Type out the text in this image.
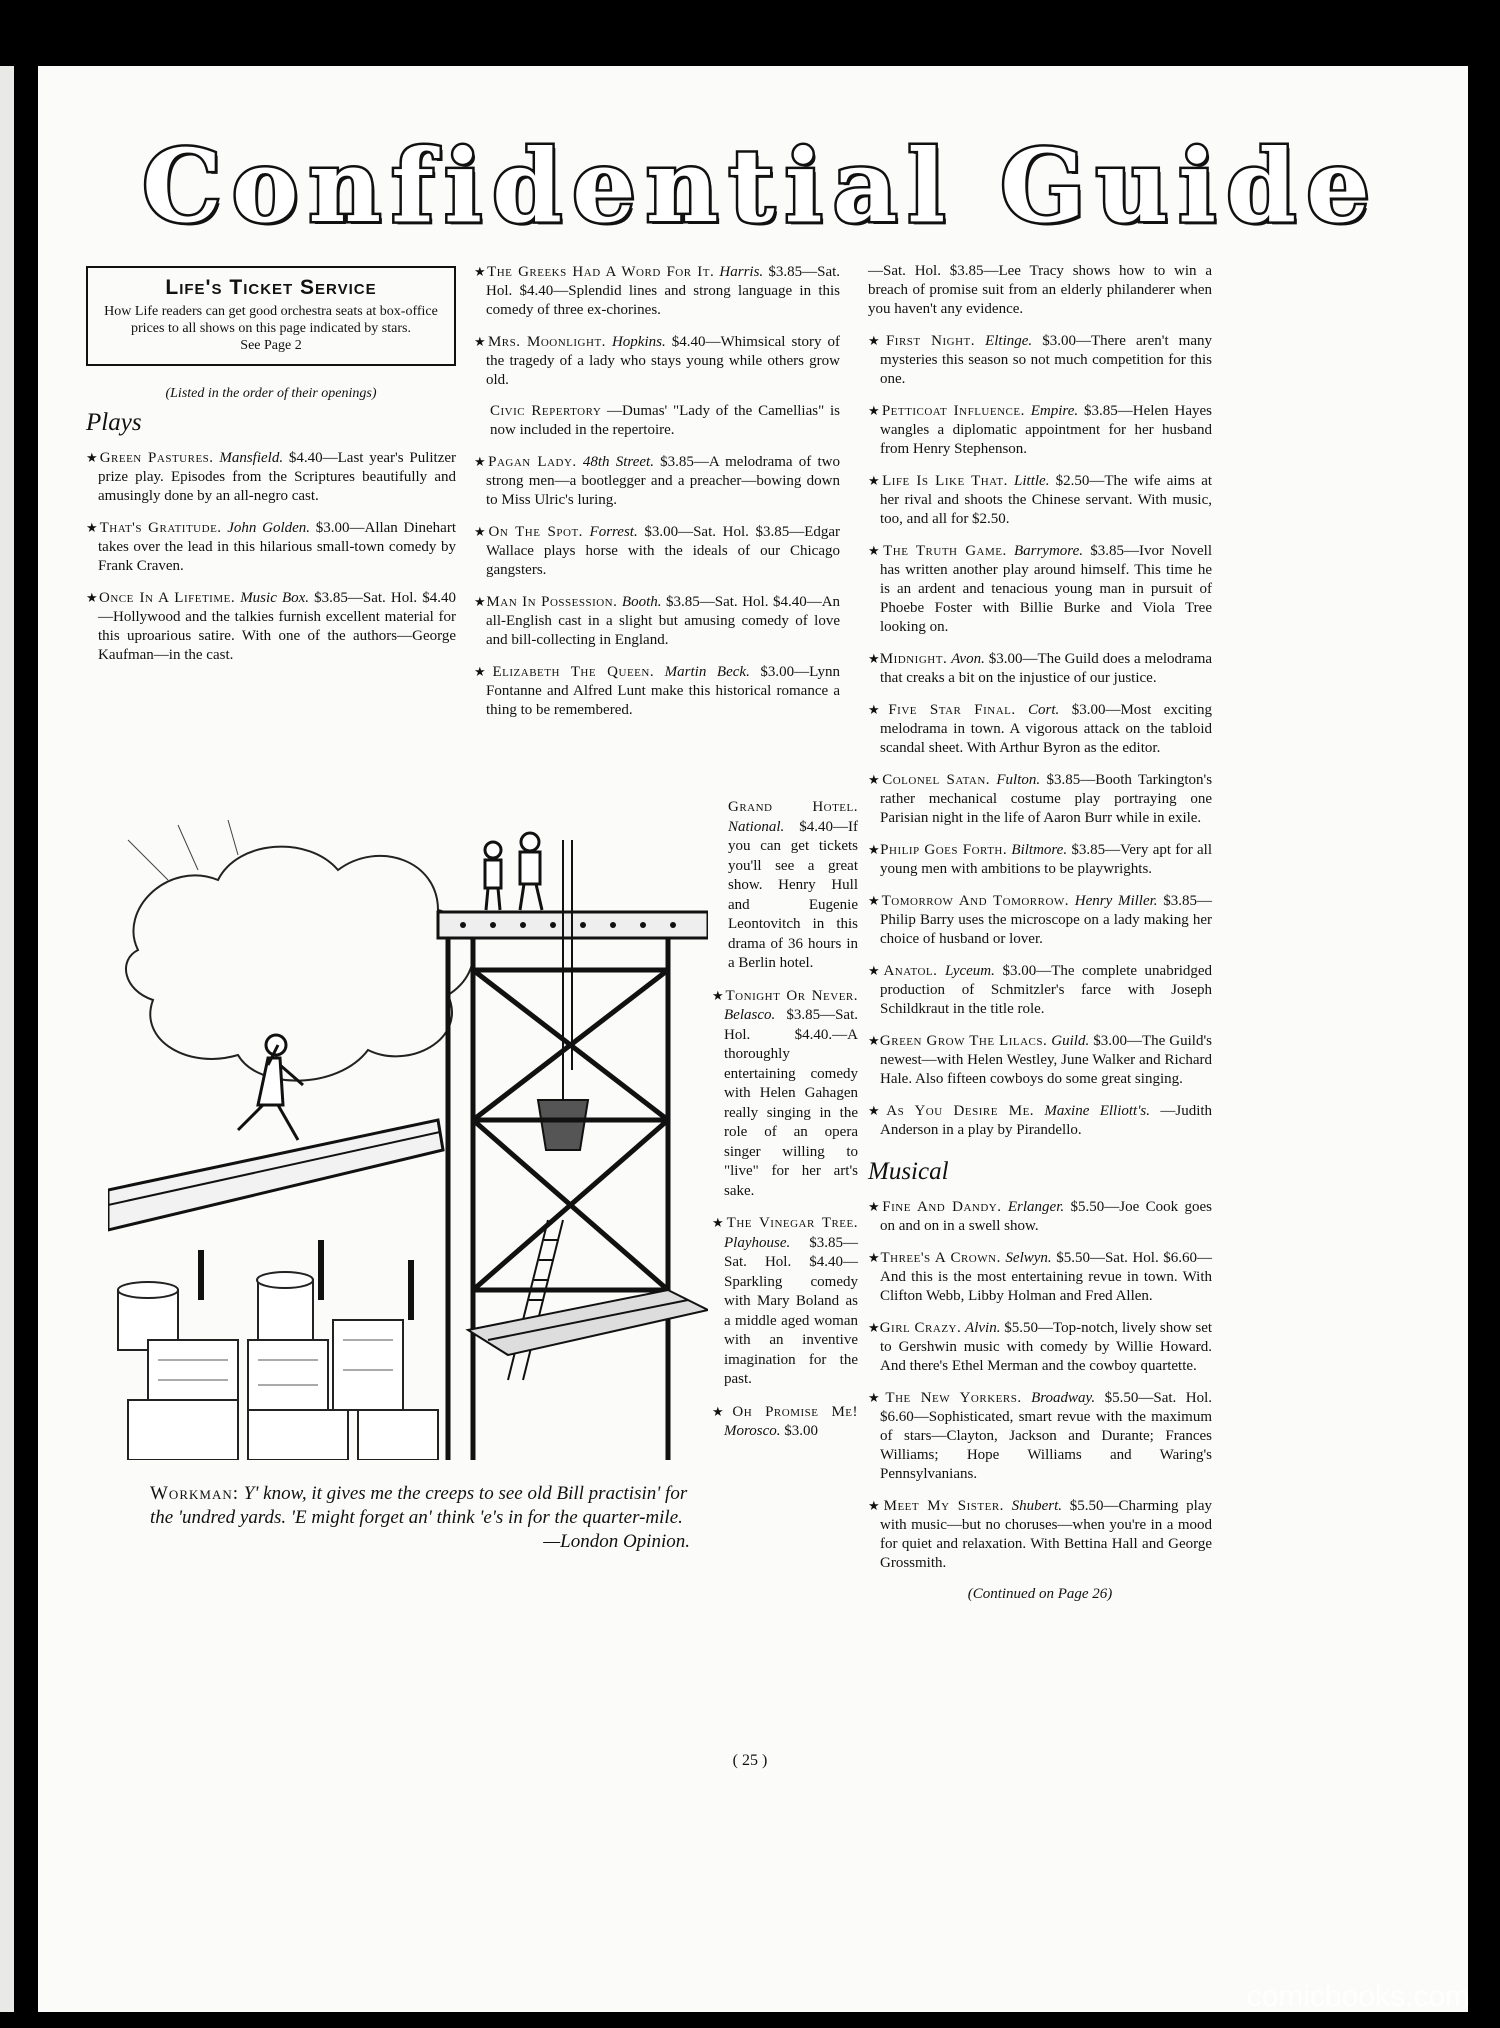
Confidential Guide
Life's Ticket Service
How Life readers can get good orchestra seats at box-office prices to all shows on this page indicated by stars.
See Page 2
(Listed in the order of their openings)
Plays
★Green Pastures. Mansfield. $4.40—Last year's Pulitzer prize play. Episodes from the Scriptures beautifully and amusingly done by an all-negro cast.
★That's Gratitude. John Golden. $3.00—Allan Dinehart takes over the lead in this hilarious small-town comedy by Frank Craven.
★Once In A Lifetime. Music Box. $3.85—Sat. Hol. $4.40—Hollywood and the talkies furnish excellent material for this uproarious satire. With one of the authors—George Kaufman—in the cast.
★The Greeks Had A Word For It. Harris. $3.85—Sat. Hol. $4.40—Splendid lines and strong language in this comedy of three ex-chorines.
★Mrs. Moonlight. Hopkins. $4.40—Whimsical story of the tragedy of a lady who stays young while others grow old.
Civic Repertory —Dumas' "Lady of the Camellias" is now included in the repertoire.
★Pagan Lady. 48th Street. $3.85—A melodrama of two strong men—a bootlegger and a preacher—bowing down to Miss Ulric's luring.
★On The Spot. Forrest. $3.00—Sat. Hol. $3.85—Edgar Wallace plays horse with the ideals of our Chicago gangsters.
★Man In Possession. Booth. $3.85—Sat. Hol. $4.40—An all-English cast in a slight but amusing comedy of love and bill-collecting in England.
★Elizabeth The Queen. Martin Beck. $3.00—Lynn Fontanne and Alfred Lunt make this historical romance a thing to be remembered.
Grand Hotel. National. $4.40—If you can get tickets you'll see a great show. Henry Hull and Eugenie Leontovitch in this drama of 36 hours in a Berlin hotel.
★Tonight Or Never. Belasco. $3.85—Sat. Hol. $4.40.—A thoroughly entertaining comedy with Helen Gahagen really singing in the role of an opera singer willing to "live" for her art's sake.
★The Vinegar Tree. Playhouse. $3.85—Sat. Hol. $4.40—Sparkling comedy with Mary Boland as a middle aged woman with an inventive imagination for the past.
★Oh Promise Me! Morosco. $3.00
—Sat. Hol. $3.85—Lee Tracy shows how to win a breach of promise suit from an elderly philanderer when you haven't any evidence.
★First Night. Eltinge. $3.00—There aren't many mysteries this season so not much competition for this one.
★Petticoat Influence. Empire. $3.85—Helen Hayes wangles a diplomatic appointment for her husband from Henry Stephenson.
★Life Is Like That. Little. $2.50—The wife aims at her rival and shoots the Chinese servant. With music, too, and all for $2.50.
★The Truth Game. Barrymore. $3.85—Ivor Novell has written another play around himself. This time he is an ardent and tenacious young man in pursuit of Phoebe Foster with Billie Burke and Viola Tree looking on.
★Midnight. Avon. $3.00—The Guild does a melodrama that creaks a bit on the injustice of our justice.
★Five Star Final. Cort. $3.00—Most exciting melodrama in town. A vigorous attack on the tabloid scandal sheet. With Arthur Byron as the editor.
★Colonel Satan. Fulton. $3.85—Booth Tarkington's rather mechanical costume play portraying one Parisian night in the life of Aaron Burr while in exile.
★Philip Goes Forth. Biltmore. $3.85—Very apt for all young men with ambitions to be playwrights.
★Tomorrow And Tomorrow. Henry Miller. $3.85—Philip Barry uses the microscope on a lady making her choice of husband or lover.
★Anatol. Lyceum. $3.00—The complete unabridged production of Schmitzler's farce with Joseph Schildkraut in the title role.
★Green Grow The Lilacs. Guild. $3.00—The Guild's newest—with Helen Westley, June Walker and Richard Hale. Also fifteen cowboys do some great singing.
★As You Desire Me. Maxine Elliott's. —Judith Anderson in a play by Pirandello.
Musical
★Fine And Dandy. Erlanger. $5.50—Joe Cook goes on and on in a swell show.
★Three's A Crown. Selwyn. $5.50—Sat. Hol. $6.60—And this is the most entertaining revue in town. With Clifton Webb, Libby Holman and Fred Allen.
★Girl Crazy. Alvin. $5.50—Top-notch, lively show set to Gershwin music with comedy by Willie Howard. And there's Ethel Merman and the cowboy quartette.
★The New Yorkers. Broadway. $5.50—Sat. Hol. $6.60—Sophisticated, smart revue with the maximum of stars—Clayton, Jackson and Durante; Frances Williams; Hope Williams and Waring's Pennsylvanians.
★Meet My Sister. Shubert. $5.50—Charming play with music—but no choruses—when you're in a mood for quiet and relaxation. With Bettina Hall and George Grossmith.
(Continued on Page 26)
Workman: Y' know, it gives me the creeps to see old Bill practisin' for the 'undred yards. 'E might forget an' think 'e's in for the quarter-mile.
—London Opinion.
( 25 )
comicbooks.com
